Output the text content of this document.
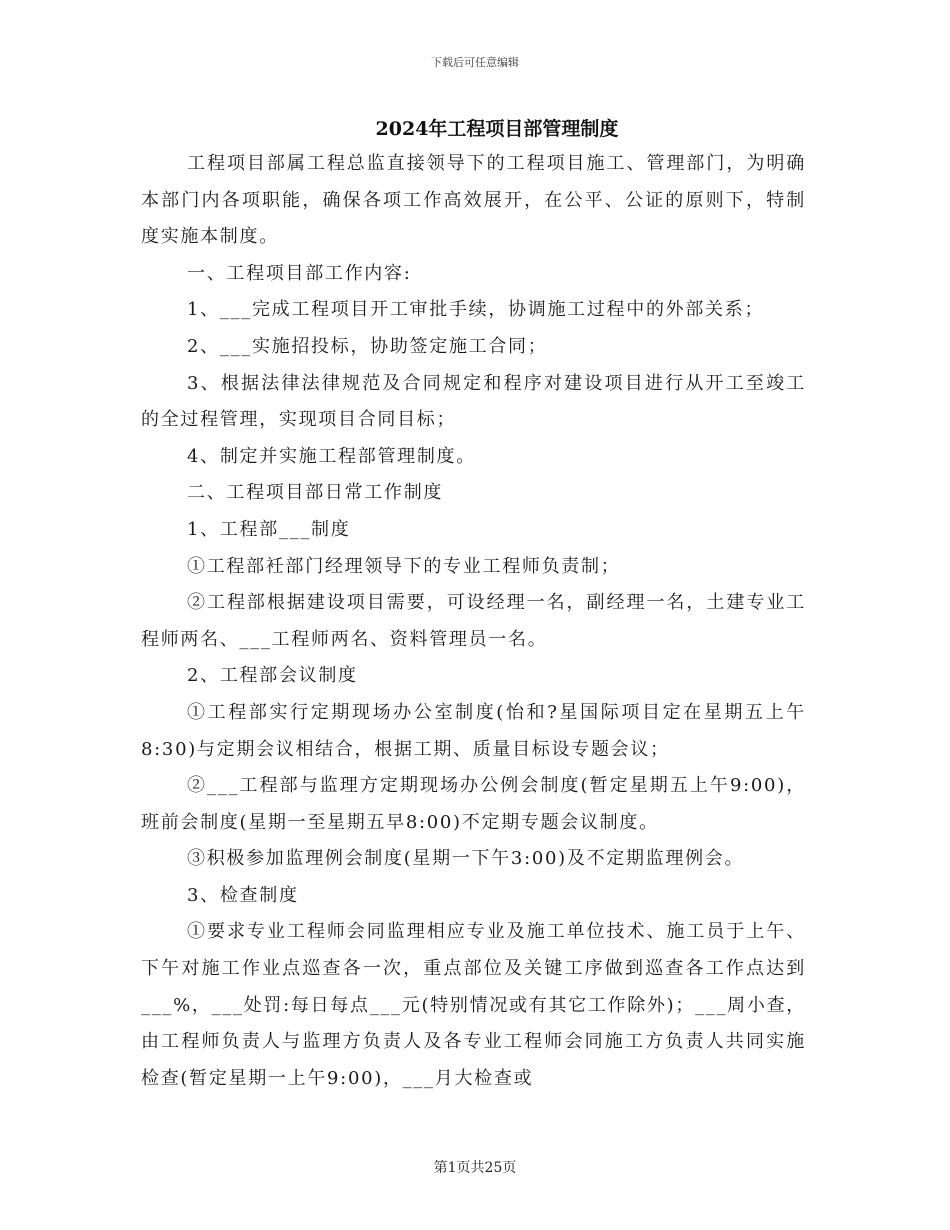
下载后可任意编辑
2024年工程项目部管理制度

工程项目部属工程总监直接领导下的工程项目施工、管理部门，为明确本部门内各项职能，确保各项工作高效展开，在公平、公证的原则下，特制度实施本制度。

一、工程项目部工作内容:

1、___完成工程项目开工审批手续，协调施工过程中的外部关系；

2、___实施招投标，协助签定施工合同；

3、根据法律法律规范及合同规定和程序对建设项目进行从开工至竣工的全过程管理，实现项目合同目标；

4、制定并实施工程部管理制度。

二、工程项目部日常工作制度

1、工程部___制度

①工程部衽部门经理领导下的专业工程师负责制；

②工程部根据建设项目需要，可设经理一名，副经理一名，土建专业工程师两名、___工程师两名、资料管理员一名。

2、工程部会议制度

①工程部实行定期现场办公室制度(怡和?星国际项目定在星期五上午8:30)与定期会议相结合，根据工期、质量目标设专题会议；

②___工程部与监理方定期现场办公例会制度(暂定星期五上午9:00)，班前会制度(星期一至星期五早8:00)不定期专题会议制度。

③积极参加监理例会制度(星期一下午3:00)及不定期监理例会。

3、检查制度

①要求专业工程师会同监理相应专业及施工单位技术、施工员于上午、下午对施工作业点巡查各一次，重点部位及关键工序做到巡查各工作点达到___%，___处罚:每日每点___元(特别情况或有其它工作除外)；___周小查，由工程师负责人与监理方负责人及各专业工程师会同施工方负责人共同实施检查(暂定星期一上午9:00)，___月大检查或

第1页共25页
